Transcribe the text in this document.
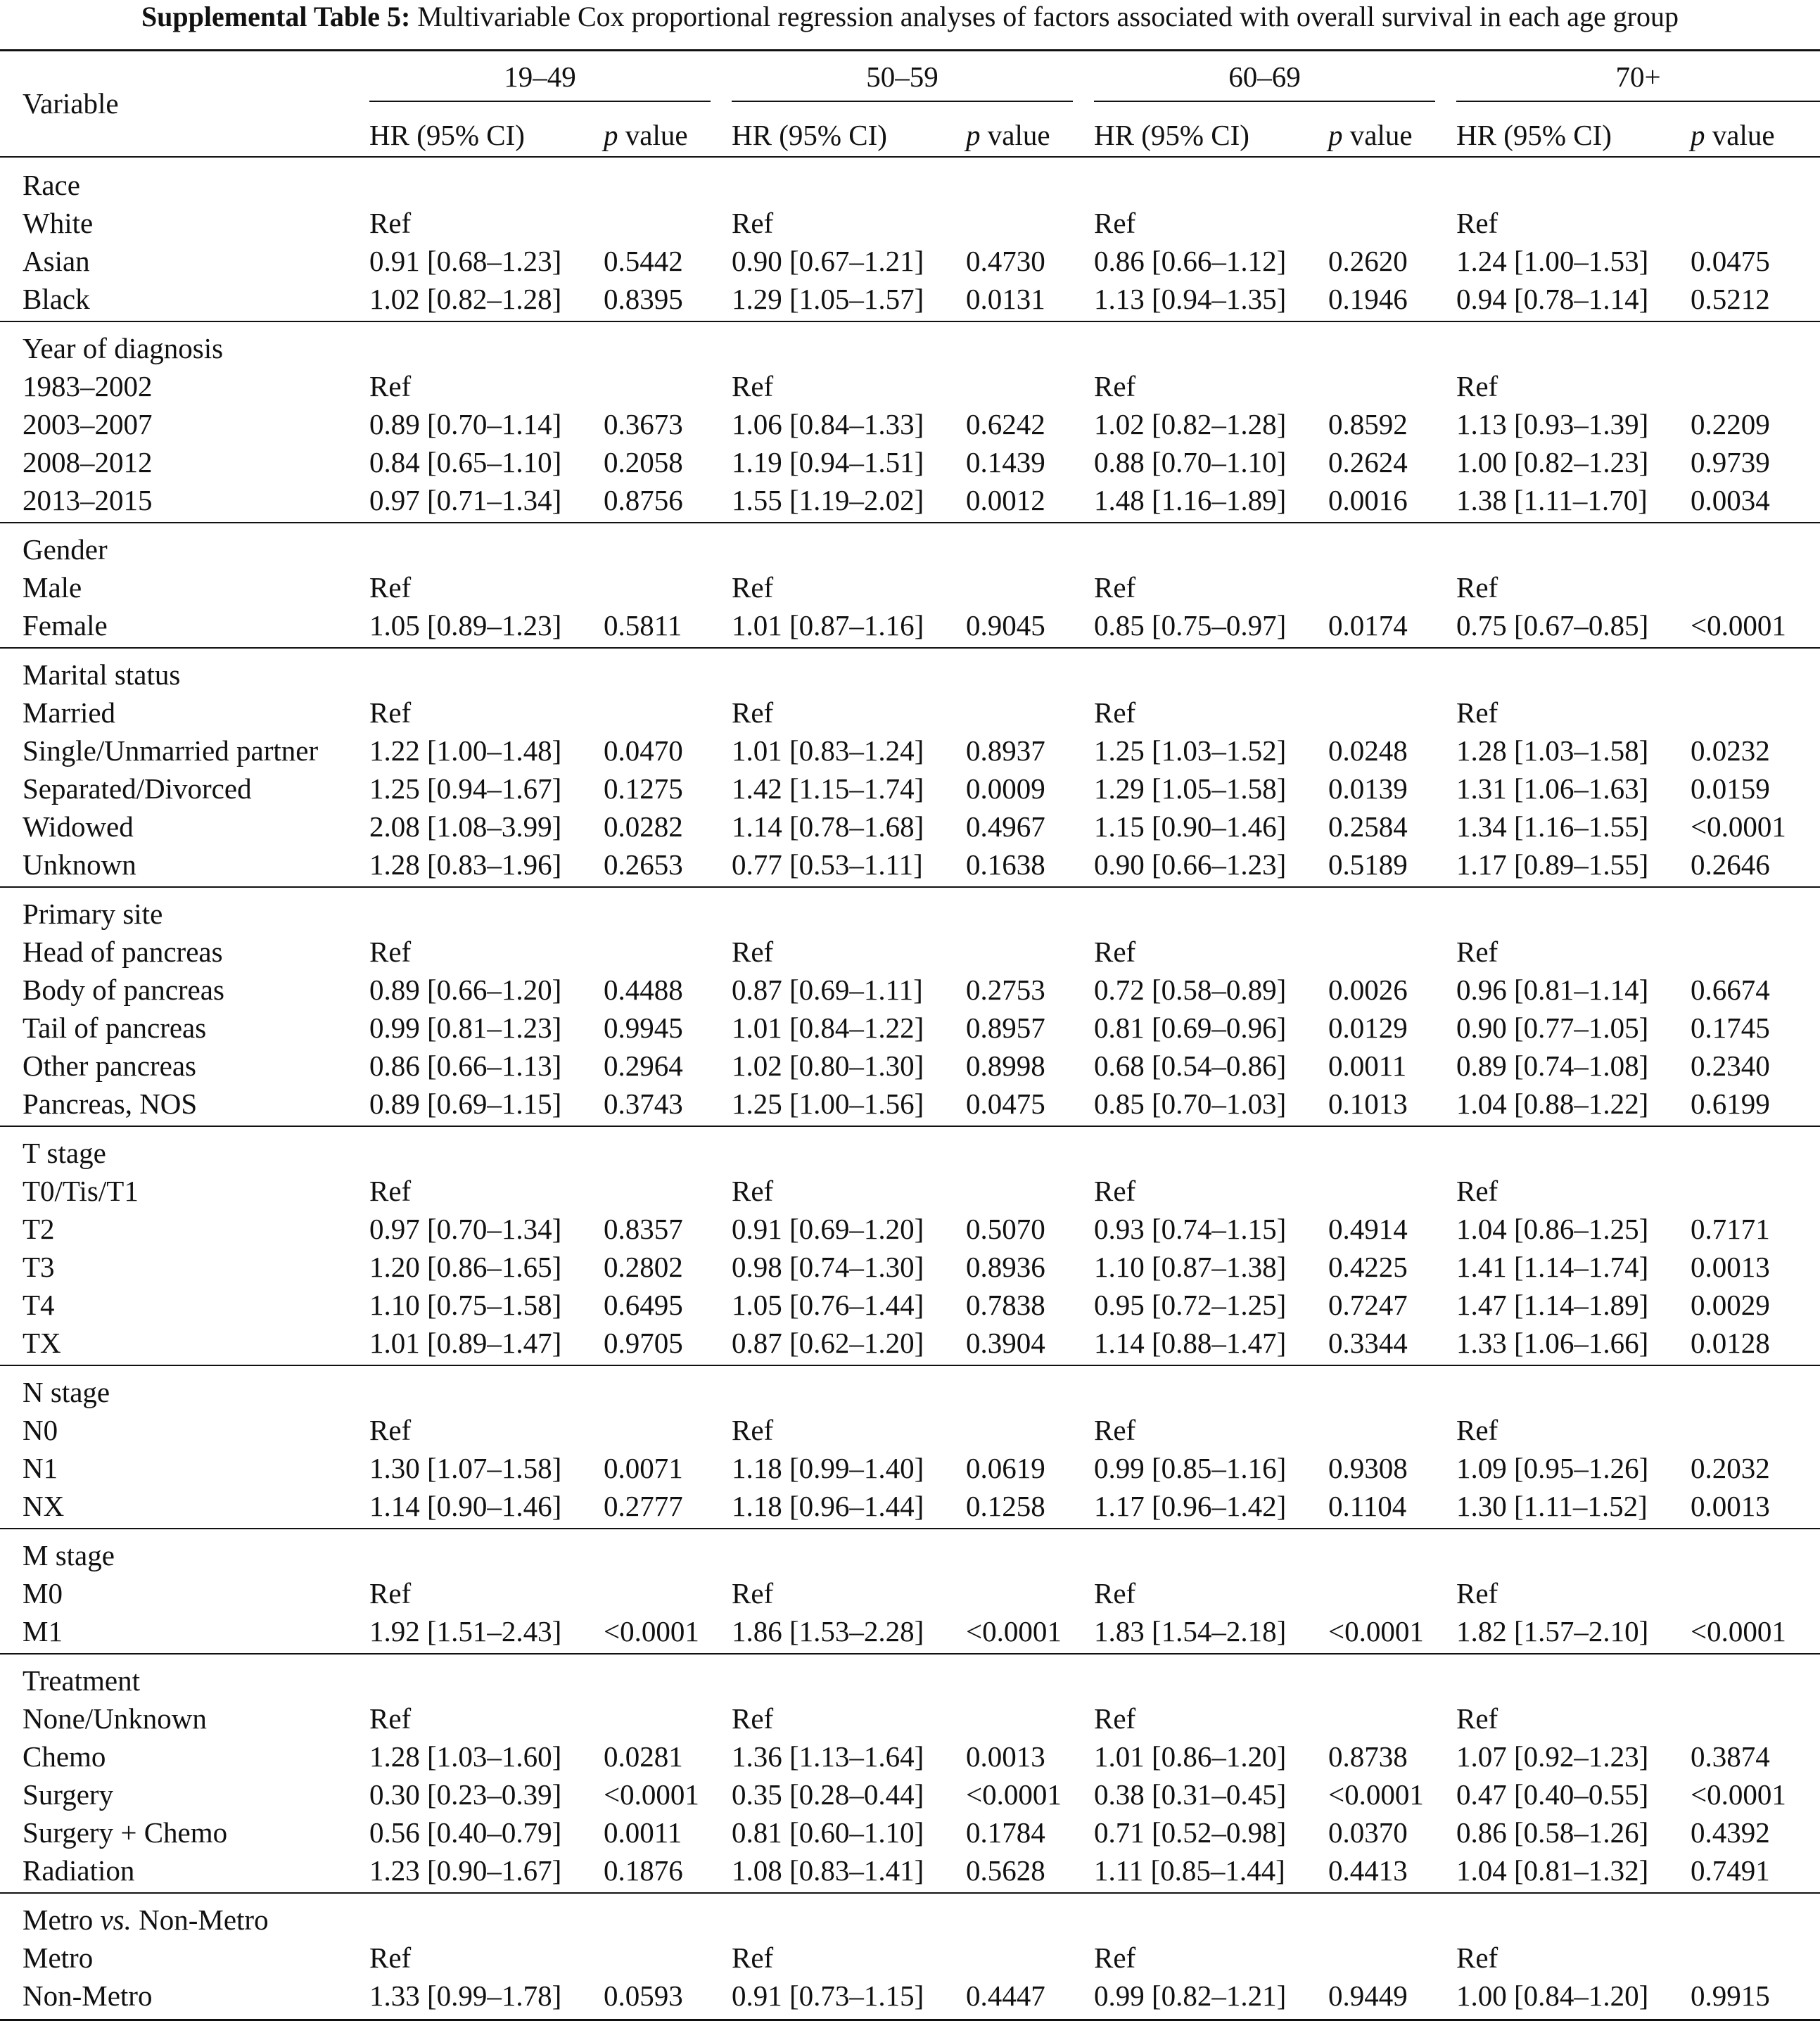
Supplemental Table 5: Multivariable Cox proportional regression analyses of factors associated with overall survival in each age group
Variable
19–49
HR (95% CI)	p value
50–59
HR (95% CI)	p value
60–69
HR (95% CI)	p value
70+
HR (95% CI)	p value
Race
White	Ref	Ref	Ref	Ref
Asian	0.91 [0.68–1.23] 0.5442 0.90 [0.67–1.21] 0.4730 0.86 [0.66–1.12] 0.2620 1.24 [1.00–1.53] 0.0475
Black	1.02 [0.82–1.28] 0.8395 1.29 [1.05–1.57] 0.0131 1.13 [0.94–1.35] 0.1946 0.94 [0.78–1.14] 0.5212
Year of diagnosis
1983–2002	Ref	Ref	Ref	Ref
2003–2007	0.89 [0.70–1.14] 0.3673 1.06 [0.84–1.33] 0.6242 1.02 [0.82–1.28] 0.8592 1.13 [0.93–1.39] 0.2209
2008–2012	0.84 [0.65–1.10] 0.2058 1.19 [0.94–1.51] 0.1439 0.88 [0.70–1.10] 0.2624 1.00 [0.82–1.23] 0.9739
2013–2015	0.97 [0.71–1.34] 0.8756 1.55 [1.19–2.02] 0.0012 1.48 [1.16–1.89] 0.0016 1.38 [1.11–1.70] 0.0034
Gender
Male	Ref	Ref	Ref	Ref
Female	1.05 [0.89–1.23] 0.5811 1.01 [0.87–1.16] 0.9045 0.85 [0.75–0.97] 0.0174 0.75 [0.67–0.85] <0.0001
Marital status
Married	Ref	Ref	Ref	Ref
Single/Unmarried partner 1.22 [1.00–1.48] 0.0470 1.01 [0.83–1.24] 0.8937 1.25 [1.03–1.52] 0.0248 1.28 [1.03–1.58] 0.0232
Separated/Divorced	1.25 [0.94–1.67] 0.1275 1.42 [1.15–1.74] 0.0009 1.29 [1.05–1.58] 0.0139 1.31 [1.06–1.63] 0.0159
Widowed	2.08 [1.08–3.99] 0.0282 1.14 [0.78–1.68] 0.4967 1.15 [0.90–1.46] 0.2584 1.34 [1.16–1.55] <0.0001
Unknown	1.28 [0.83–1.96] 0.2653 0.77 [0.53–1.11] 0.1638 0.90 [0.66–1.23] 0.5189 1.17 [0.89–1.55] 0.2646
Primary site
Head of pancreas	Ref	Ref	Ref	Ref
Body of pancreas	0.89 [0.66–1.20] 0.4488 0.87 [0.69–1.11] 0.2753 0.72 [0.58–0.89] 0.0026 0.96 [0.81–1.14] 0.6674
Tail of pancreas	0.99 [0.81–1.23] 0.9945 1.01 [0.84–1.22] 0.8957 0.81 [0.69–0.96] 0.0129 0.90 [0.77–1.05] 0.1745
Other pancreas	0.86 [0.66–1.13] 0.2964 1.02 [0.80–1.30] 0.8998 0.68 [0.54–0.86] 0.0011 0.89 [0.74–1.08] 0.2340
Pancreas, NOS	0.89 [0.69–1.15] 0.3743 1.25 [1.00–1.56] 0.0475 0.85 [0.70–1.03] 0.1013 1.04 [0.88–1.22] 0.6199
T stage
T0/Tis/T1	Ref	Ref	Ref	Ref
T2	0.97 [0.70–1.34] 0.8357 0.91 [0.69–1.20] 0.5070 0.93 [0.74–1.15] 0.4914 1.04 [0.86–1.25] 0.7171
T3	1.20 [0.86–1.65] 0.2802 0.98 [0.74–1.30] 0.8936 1.10 [0.87–1.38] 0.4225 1.41 [1.14–1.74] 0.0013
T4	1.10 [0.75–1.58] 0.6495 1.05 [0.76–1.44] 0.7838 0.95 [0.72–1.25] 0.7247 1.47 [1.14–1.89] 0.0029
TX	1.01 [0.89–1.47] 0.9705 0.87 [0.62–1.20] 0.3904 1.14 [0.88–1.47] 0.3344 1.33 [1.06–1.66] 0.0128
N stage
N0	Ref	Ref	Ref	Ref
N1	1.30 [1.07–1.58] 0.0071 1.18 [0.99–1.40] 0.0619 0.99 [0.85–1.16] 0.9308 1.09 [0.95–1.26] 0.2032
NX	1.14 [0.90–1.46] 0.2777 1.18 [0.96–1.44] 0.1258 1.17 [0.96–1.42] 0.1104 1.30 [1.11–1.52] 0.0013
M stage
M0	Ref	Ref	Ref	Ref
M1	1.92 [1.51–2.43] <0.0001 1.86 [1.53–2.28] <0.0001 1.83 [1.54–2.18] <0.0001 1.82 [1.57–2.10] <0.0001
Treatment
None/Unknown	Ref	Ref	Ref	Ref
Chemo	1.28 [1.03–1.60] 0.0281 1.36 [1.13–1.64] 0.0013 1.01 [0.86–1.20] 0.8738 1.07 [0.92–1.23] 0.3874
Surgery	0.30 [0.23–0.39] <0.0001 0.35 [0.28–0.44] <0.0001 0.38 [0.31–0.45] <0.0001 0.47 [0.40–0.55] <0.0001
Surgery + Chemo	0.56 [0.40–0.79] 0.0011 0.81 [0.60–1.10] 0.1784 0.71 [0.52–0.98] 0.0370 0.86 [0.58–1.26] 0.4392
Radiation	1.23 [0.90–1.67] 0.1876 1.08 [0.83–1.41] 0.5628 1.11 [0.85–1.44] 0.4413 1.04 [0.81–1.32] 0.7491
Metro vs. Non-Metro
Metro	Ref	Ref	Ref	Ref
Non-Metro	1.33 [0.99–1.78] 0.0593 0.91 [0.73–1.15] 0.4447 0.99 [0.82–1.21] 0.9449 1.00 [0.84–1.20] 0.9915
